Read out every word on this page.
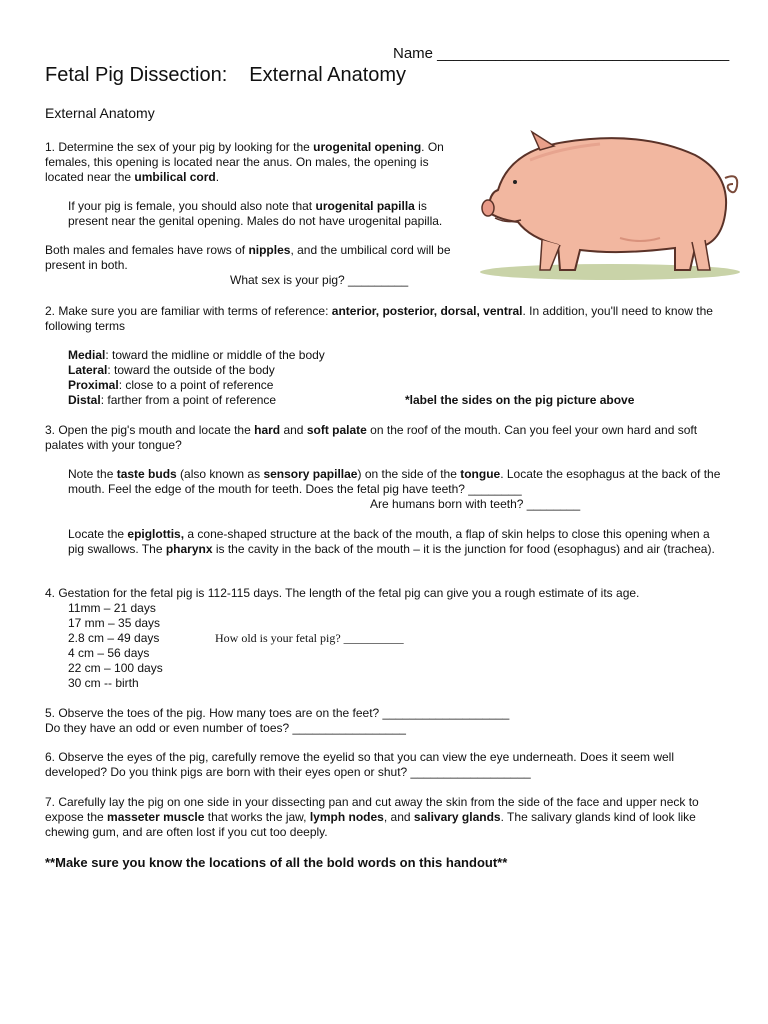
Name ___________________________________
Fetal Pig Dissection: External Anatomy
External Anatomy
1. Determine the sex of your pig by looking for the urogenital opening. On females, this opening is located near the anus. On males, the opening is located near the umbilical cord.
If your pig is female, you should also note that urogenital papilla is present near the genital opening. Males do not have urogenital papilla.
Both males and females have rows of nipples, and the umbilical cord will be present in both.
What sex is your pig? _________
2. Make sure you are familiar with terms of reference: anterior, posterior, dorsal, ventral. In addition, you'll need to know the following terms
Medial: toward the midline or middle of the body
Lateral: toward the outside of the body
Proximal: close to a point of reference
Distal: farther from a point of reference	*label the sides on the pig picture above
3. Open the pig's mouth and locate the hard and soft palate on the roof of the mouth. Can you feel your own hard and soft palates with your tongue?
Note the taste buds (also known as sensory papillae) on the side of the tongue. Locate the esophagus at the back of the mouth. Feel the edge of the mouth for teeth. Does the fetal pig have teeth? ________
Are humans born with teeth? ________
Locate the epiglottis, a cone-shaped structure at the back of the mouth, a flap of skin helps to close this opening when a pig swallows. The pharynx is the cavity in the back of the mouth – it is the junction for food (esophagus) and air (trachea).
4. Gestation for the fetal pig is 112-115 days. The length of the fetal pig can give you a rough estimate of its age.
11mm – 21 days
17 mm – 35 days
2.8 cm – 49 days
4 cm – 56 days
22 cm – 100 days
30 cm -- birth
How old is your fetal pig? __________
5. Observe the toes of the pig. How many toes are on the feet? ___________________
Do they have an odd or even number of toes? _________________
6. Observe the eyes of the pig, carefully remove the eyelid so that you can view the eye underneath. Does it seem well developed? Do you think pigs are born with their eyes open or shut? __________________
7. Carefully lay the pig on one side in your dissecting pan and cut away the skin from the side of the face and upper neck to expose the masseter muscle that works the jaw, lymph nodes, and salivary glands. The salivary glands kind of look like chewing gum, and are often lost if you cut too deeply.
**Make sure you know the locations of all the bold words on this handout**
